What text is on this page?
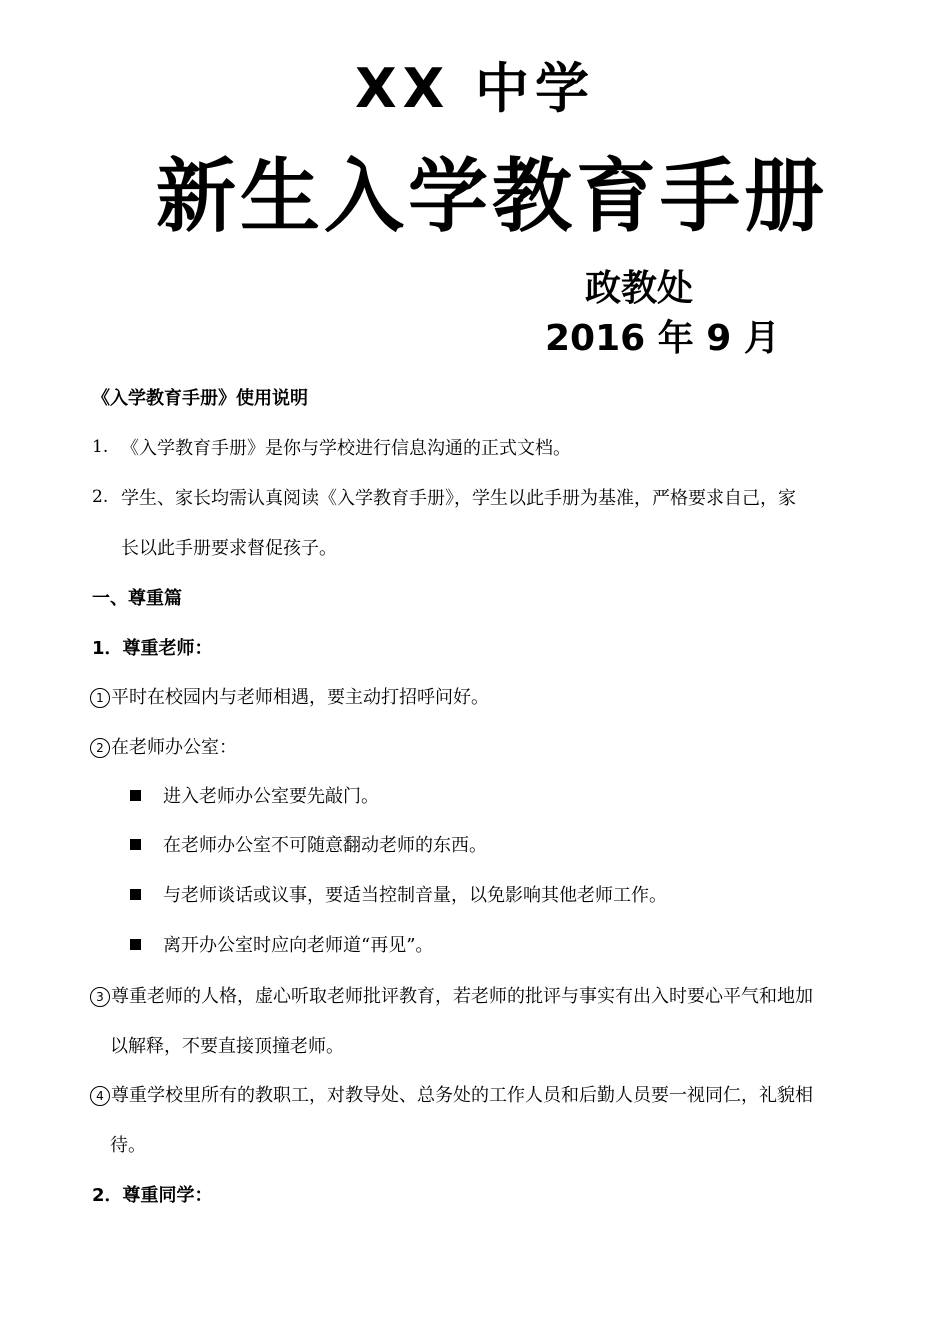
XX 中学
新生入学教育手册
政教处
2016 年 9 月
《入学教育手册》使用说明
1. 《入学教育手册》是你与学校进行信息沟通的正式文档。
2. 学生、家长均需认真阅读《入学教育手册》，学生以此手册为基准，严格要求自己，家
长以此手册要求督促孩子。
一、尊重篇
1．尊重老师：
1 平时在校园内与老师相遇，要主动打招呼问好。
2 在老师办公室：
进入老师办公室要先敲门。
在老师办公室不可随意翻动老师的东西。
与老师谈话或议事，要适当控制音量，以免影响其他老师工作。
离开办公室时应向老师道“再见”。
3 尊重老师的人格，虚心听取老师批评教育，若老师的批评与事实有出入时要心平气和地加
以解释，不要直接顶撞老师。
4 尊重学校里所有的教职工，对教导处、总务处的工作人员和后勤人员要一视同仁，礼貌相
待。
2．尊重同学：
